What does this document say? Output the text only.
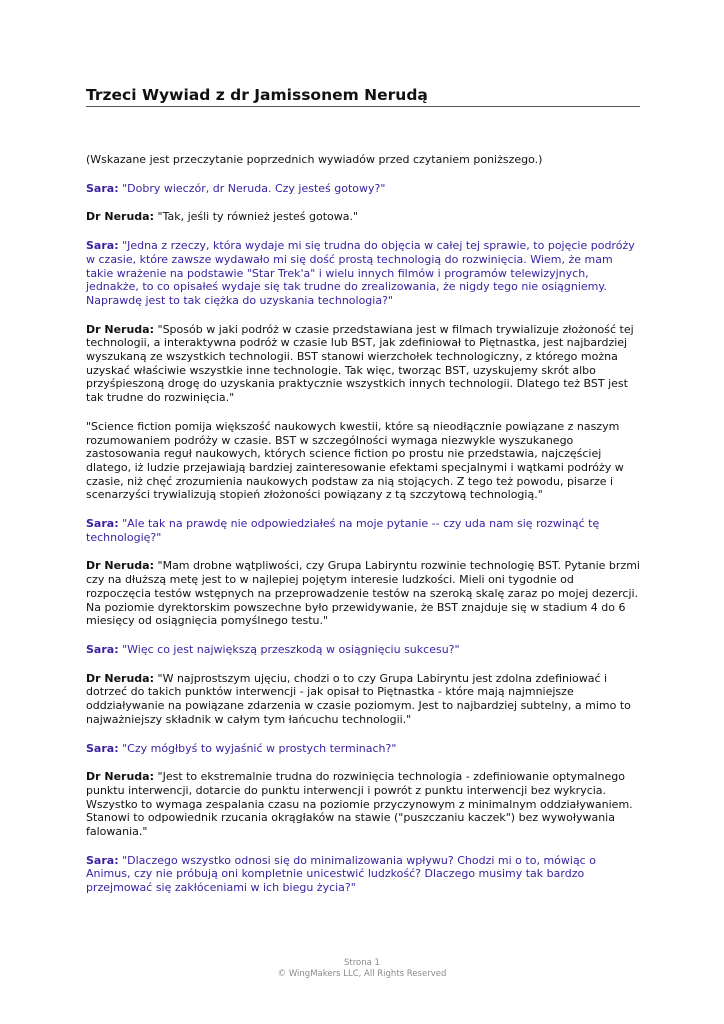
Trzeci Wywiad z dr Jamissonem Nerudą

(Wskazane jest przeczytanie poprzednich wywiadów przed czytaniem poniższego.)

Sara: "Dobry wieczór, dr Neruda. Czy jesteś gotowy?"

Dr Neruda: "Tak, jeśli ty również jesteś gotowa."

Sara: "Jedna z rzeczy, która wydaje mi się trudna do objęcia w całej tej sprawie, to pojęcie podróży w czasie, które zawsze wydawało mi się dość prostą technologią do rozwinięcia. Wiem, że mam takie wrażenie na podstawie "Star Trek'a" i wielu innych filmów i programów telewizyjnych, jednakże, to co opisałeś wydaje się tak trudne do zrealizowania, że nigdy tego nie osiągniemy. Naprawdę jest to tak ciężka do uzyskania technologia?"

Dr Neruda: "Sposób w jaki podróż w czasie przedstawiana jest w filmach trywializuje złożoność tej technologii, a interaktywna podróż w czasie lub BST, jak zdefiniował to Piętnastka, jest najbardziej wyszukaną ze wszystkich technologii. BST stanowi wierzchołek technologiczny, z którego można uzyskać właściwie wszystkie inne technologie. Tak więc, tworząc BST, uzyskujemy skrót albo przyśpieszoną drogę do uzyskania praktycznie wszystkich innych technologii. Dlatego też BST jest tak trudne do rozwinięcia."

"Science fiction pomija większość naukowych kwestii, które są nieodłącznie powiązane z naszym rozumowaniem podróży w czasie. BST w szczególności wymaga niezwykle wyszukanego zastosowania reguł naukowych, których science fiction po prostu nie przedstawia, najczęściej dlatego, iż ludzie przejawiają bardziej zainteresowanie efektami specjalnymi i wątkami podróży w czasie, niż chęć zrozumienia naukowych podstaw za nią stojących. Z tego też powodu, pisarze i scenarzyści trywializują stopień złożoności powiązany z tą szczytową technologią."

Sara: "Ale tak na prawdę nie odpowiedziałeś na moje pytanie -- czy uda nam się rozwinąć tę technologię?"

Dr Neruda: "Mam drobne wątpliwości, czy Grupa Labiryntu rozwinie technologię BST. Pytanie brzmi czy na dłuższą metę jest to w najlepiej pojętym interesie ludzkości. Mieli oni tygodnie od rozpoczęcia testów wstępnych na przeprowadzenie testów na szeroką skalę zaraz po mojej dezercji. Na poziomie dyrektorskim powszechne było przewidywanie, że BST znajduje się w stadium 4 do 6 miesięcy od osiągnięcia pomyślnego testu."

Sara: "Więc co jest największą przeszkodą w osiągnięciu sukcesu?"

Dr Neruda: "W najprostszym ujęciu, chodzi o to czy Grupa Labiryntu jest zdolna zdefiniować i dotrzeć do takich punktów interwencji - jak opisał to Piętnastka - które mają najmniejsze oddziaływanie na powiązane zdarzenia w czasie poziomym. Jest to najbardziej subtelny, a mimo to najważniejszy składnik w całym tym łańcuchu technologii."

Sara: "Czy mógłbyś to wyjaśnić w prostych terminach?"

Dr Neruda: "Jest to ekstremalnie trudna do rozwinięcia technologia - zdefiniowanie optymalnego punktu interwencji, dotarcie do punktu interwencji i powrót z punktu interwencji bez wykrycia. Wszystko to wymaga zespalania czasu na poziomie przyczynowym z minimalnym oddziaływaniem. Stanowi to odpowiednik rzucania okrągłaków na stawie ("puszczaniu kaczek") bez wywoływania falowania."

Sara: "Dlaczego wszystko odnosi się do minimalizowania wpływu? Chodzi mi o to, mówiąc o Animus, czy nie próbują oni kompletnie unicestwić ludzkość? Dlaczego musimy tak bardzo przejmować się zakłóceniami w ich biegu życia?"

Strona 1
© WingMakers LLC, All Rights Reserved
